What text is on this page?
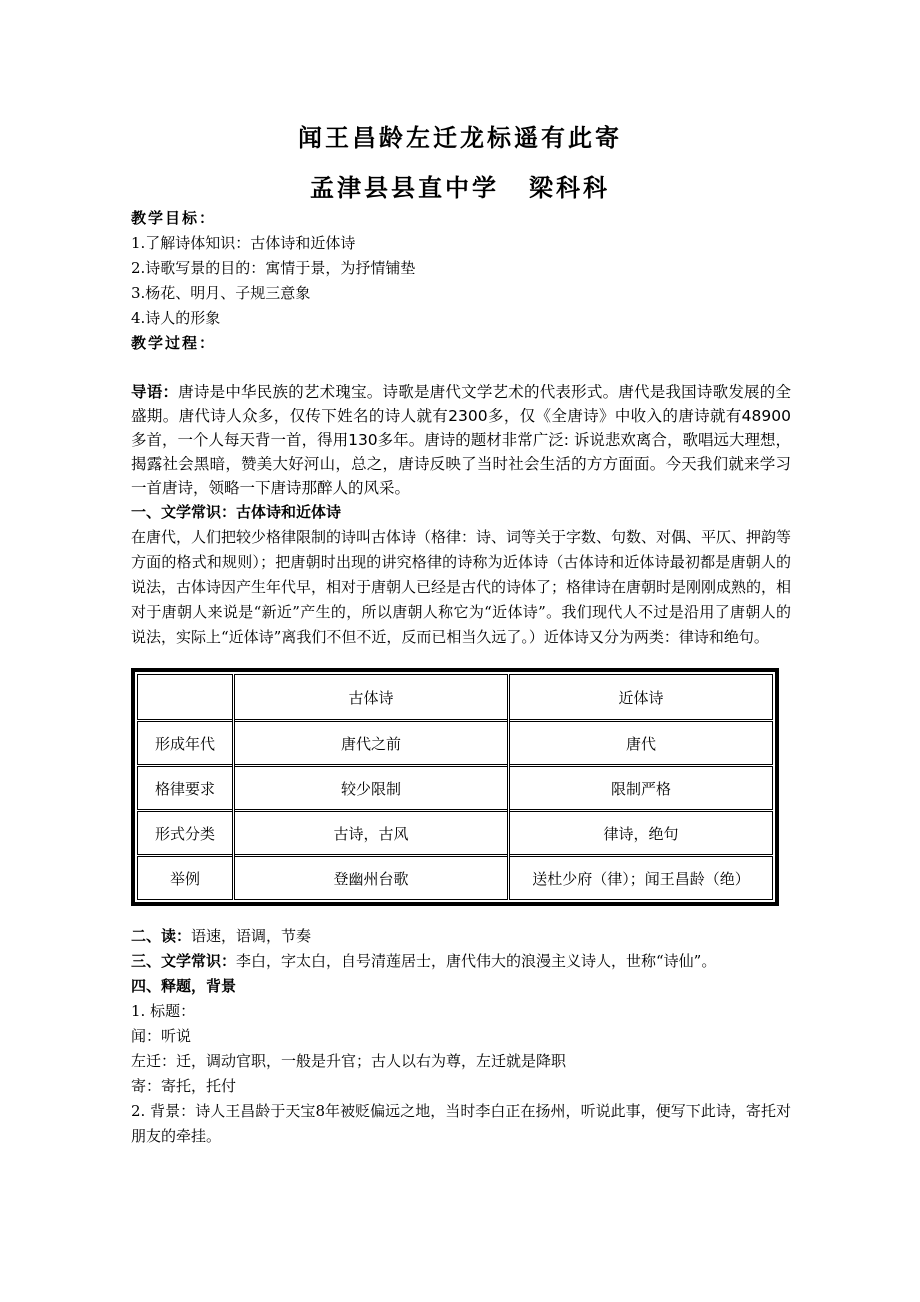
闻王昌龄左迁龙标遥有此寄
孟津县县直中学 梁科科

教学目标：

1.了解诗体知识：古体诗和近体诗

2.诗歌写景的目的：寓情于景，为抒情铺垫

3.杨花、明月、子规三意象

4.诗人的形象

教学过程：

导语：唐诗是中华民族的艺术瑰宝。诗歌是唐代文学艺术的代表形式。唐代是我国诗歌发展的全盛期。唐代诗人众多，仅传下姓名的诗人就有2300多，仅《全唐诗》中收入的唐诗就有48900多首，一个人每天背一首，得用130多年。唐诗的题材非常广泛: 诉说悲欢离合，歌唱远大理想，揭露社会黑暗，赞美大好河山，总之，唐诗反映了当时社会生活的方方面面。今天我们就来学习一首唐诗，领略一下唐诗那醉人的风采。

一、文学常识：古体诗和近体诗

在唐代，人们把较少格律限制的诗叫古体诗（格律：诗、词等关于字数、句数、对偶、平仄、押韵等方面的格式和规则）；把唐朝时出现的讲究格律的诗称为近体诗（古体诗和近体诗最初都是唐朝人的说法，古体诗因产生年代早，相对于唐朝人已经是古代的诗体了；格律诗在唐朝时是刚刚成熟的，相对于唐朝人来说是“新近”产生的，所以唐朝人称它为“近体诗”。我们现代人不过是沿用了唐朝人的说法，实际上“近体诗”离我们不但不近，反而已相当久远了。）近体诗又分为两类：律诗和绝句。

	古体诗	近体诗
形成年代	唐代之前	唐代
格律要求	较少限制	限制严格
形式分类	古诗，古风	律诗，绝句
举例	登幽州台歌	送杜少府（律）；闻王昌龄（绝）

二、读：语速，语调，节奏

三、文学常识：李白，字太白，自号清莲居士，唐代伟大的浪漫主义诗人，世称“诗仙”。

四、释题，背景

1. 标题：

闻：听说

左迁：迁，调动官职，一般是升官；古人以右为尊，左迁就是降职

寄：寄托，托付

2. 背景：诗人王昌龄于天宝8年被贬偏远之地，当时李白正在扬州，听说此事，便写下此诗，寄托对朋友的牵挂。
